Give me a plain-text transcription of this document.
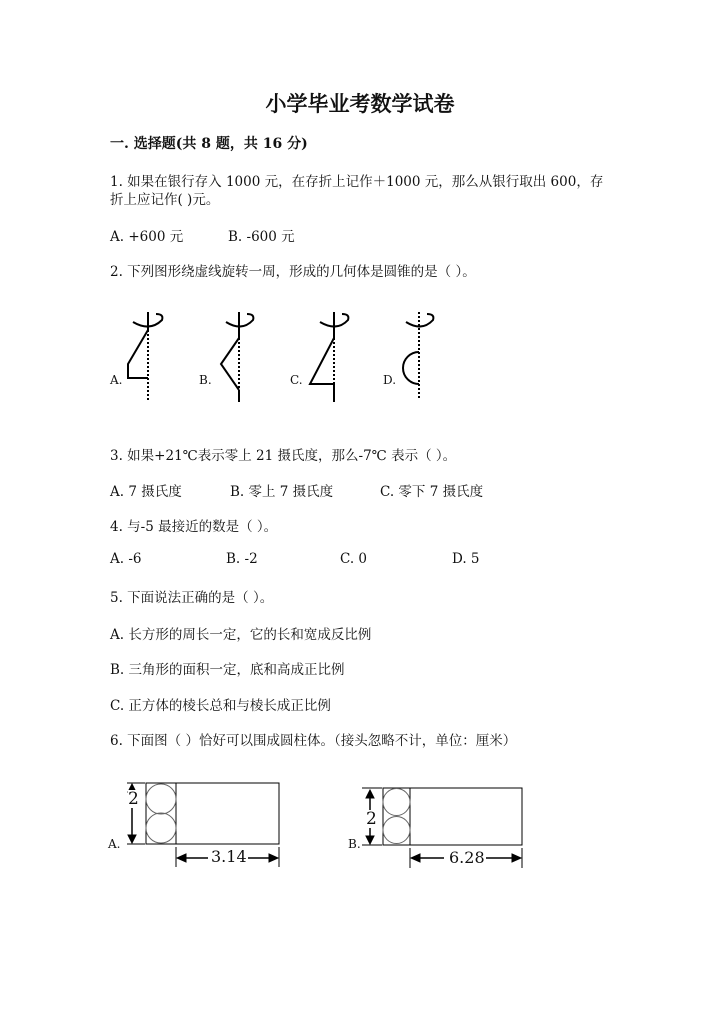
小学毕业考数学试卷
一. 选择题(共 8 题，共 16 分)
1. 如果在银行存入 1000 元，在存折上记作＋1000 元，那么从银行取出 600，存
折上应记作( )元。
A. +600 元	B. -600 元
2. 下列图形绕虚线旋转一周，形成的几何体是圆锥的是（ ）。
A.	B.	C.	D.
3. 如果+21℃表示零上 21 摄氏度，那么-7℃ 表示（ ）。
A. 7 摄氏度	B. 零上 7 摄氏度	C. 零下 7 摄氏度
4. 与-5 最接近的数是（ ）。
A. -6	B. -2	C. 0	D. 5
5. 下面说法正确的是（ ）。
A. 长方形的周长一定，它的长和宽成反比例
B. 三角形的面积一定，底和高成正比例
C. 正方体的棱长总和与棱长成正比例
6. 下面图（ ）恰好可以围成圆柱体。（接头忽略不计，单位：厘米）
A.	B.
2
3.14
2
6.28
